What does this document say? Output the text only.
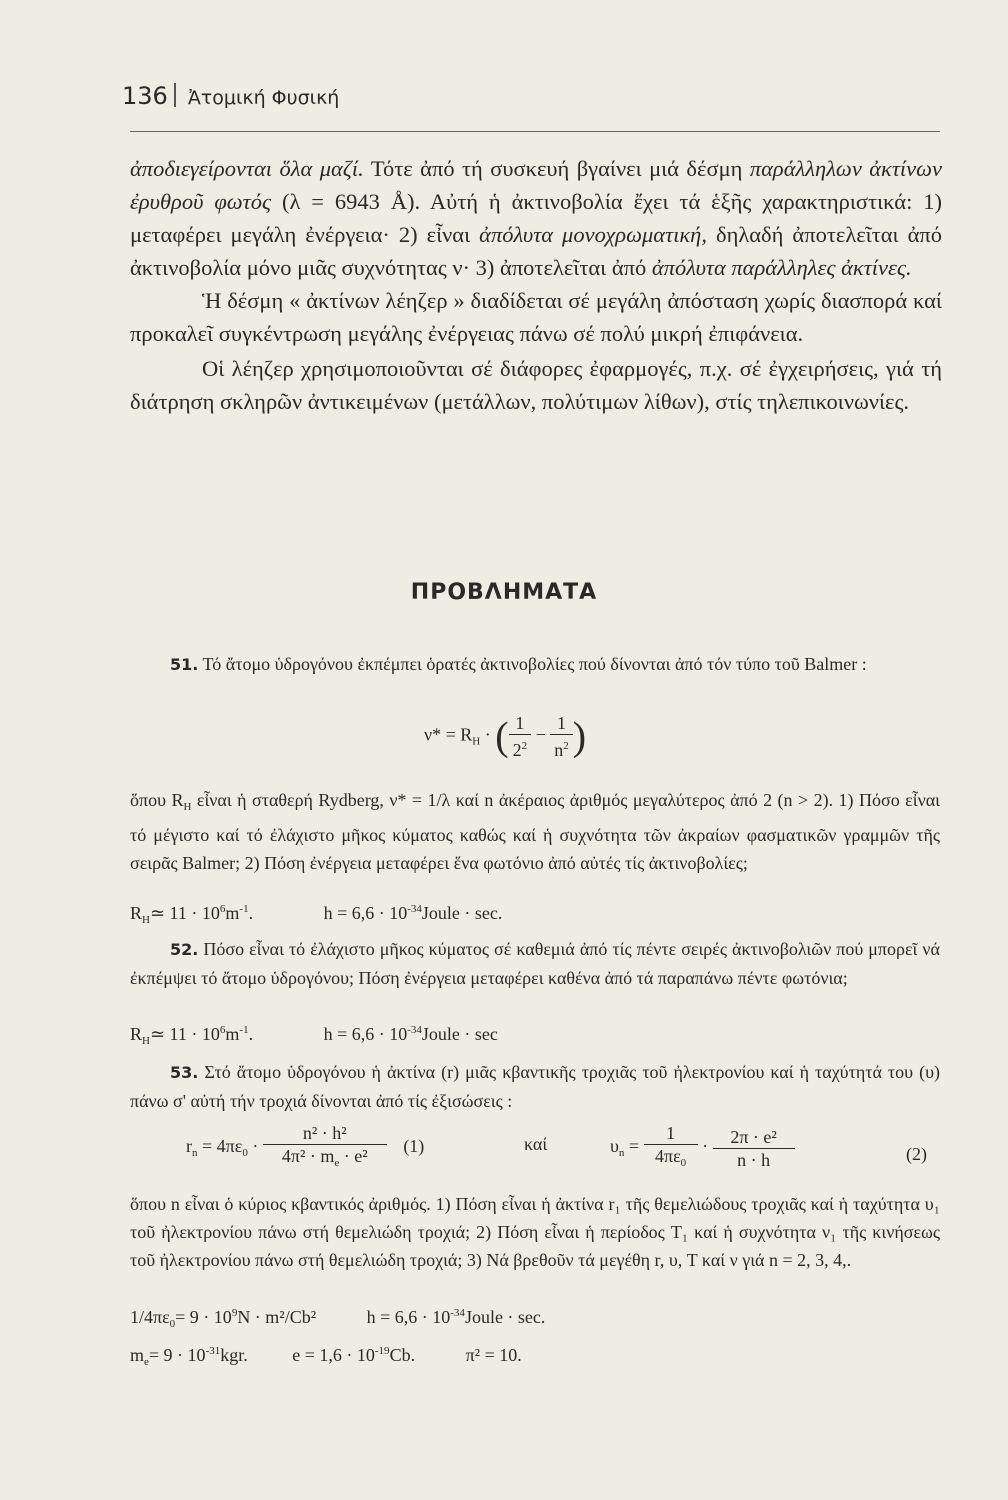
136 Ἀτομική Φυσική

ἀποδιεγείρονται ὅλα μαζί. Τότε ἀπό τή συσκευή βγαίνει μιά δέσμη παράλληλων ἀκτίνων ἐρυθροῦ φωτός (λ = 6943 Å). Αὐτή ἡ ἀκτινοβολία ἔχει τά ἑξῆς χαρακτηριστικά: 1) μεταφέρει μεγάλη ἐνέργεια· 2) εἶναι ἀπόλυτα μονοχρωματική, δηλαδή ἀποτελεῖται ἀπό ἀκτινοβολία μόνο μιᾶς συχνότητας ν· 3) ἀποτελεῖται ἀπό ἀπόλυτα παράλληλες ἀκτίνες.

Ἡ δέσμη « ἀκτίνων λέηζερ » διαδίδεται σέ μεγάλη ἀπόσταση χωρίς διασπορά καί προκαλεῖ συγκέντρωση μεγάλης ἐνέργειας πάνω σέ πολύ μικρή ἐπιφάνεια.

Οἱ λέηζερ χρησιμοποιοῦνται σέ διάφορες ἐφαρμογές, π.χ. σέ ἐγχειρήσεις, γιά τή διάτρηση σκληρῶν ἀντικειμένων (μετάλλων, πολύτιμων λίθων), στίς τηλεπικοινωνίες.

ΠΡΟΒΛΗΜΑΤΑ

51. Τό ἄτομο ὑδρογόνου ἐκπέμπει ὁρατές ἀκτινοβολίες πού δίνονται ἀπό τόν τύπο τοῦ Balmer :

$\nu* = R_H$ · ( $\frac{1}{2^2} - \frac{1}{n^2}$ )

ὅπου $R_H$ εἶναι ἡ σταθερή Rydberg, ν* = 1/λ καί n ἀκέραιος ἀριθμός μεγαλύτερος ἀπό 2 (n > 2). 1) Πόσο εἶναι τό μέγιστο καί τό ἐλάχιστο μῆκος κύματος καθώς καί ἡ συχνότητα τῶν ἀκραίων φασματικῶν γραμμῶν τῆς σειρᾶς Balmer; 2) Πόση ἐνέργεια μεταφέρει ἕνα φωτόνιο ἀπό αὐτές τίς ἀκτινοβολίες;

$R_H≃$ $11 \cdot 10^6m^{-1}$.	$h = 6,6 \cdot 10^{-34}Joule \cdot \sec$.

52. Πόσο εἶναι τό ἐλάχιστο μῆκος κύματος σέ καθεμιά ἀπό τίς πέντε σειρές ἀκτινοβολιῶν πού μπορεῖ νά ἐκπέμψει τό ἄτομο ὑδρογόνου; Πόση ἐνέργεια μεταφέρει καθένα ἀπό τά παραπάνω πέντε φωτόνια;

$R_H≃$ $11 \cdot 10^6m^{-1}$.	$h = 6,6 \cdot 10^{-34}Joule \cdot \sec$

53. Στό ἄτομο ὑδρογόνου ἡ ἀκτίνα (r) μιᾶς κβαντικῆς τροχιᾶς τοῦ ἠλεκτρονίου καί ἡ ταχύτητά του (υ) πάνω σ' αὐτή τήν τροχιά δίνονται ἀπό τίς ἐξισώσεις :

$r_n = 4\pi\varepsilon_0 \cdot \frac{\text{n² · h²}}{4\pi^2 \cdot m_e \cdot e^2} (1)$	καί	$\upsilon_n = \frac{1}{4\pi\varepsilon_0} \cdot \frac{\text{2π · e²}}{n \cdot h}$	(2)

ὅπου n εἶναι ὁ κύριος κβαντικός ἀριθμός. 1) Πόση εἶναι ἡ ἀκτίνα r₁ τῆς θεμελιώδους τροχιᾶς καί ἡ ταχύτητα υ₁ τοῦ ἠλεκτρονίου πάνω στή θεμελιώδη τροχιά; 2) Πόση εἶναι ἡ περίοδος T₁ καί ἡ συχνότητα ν₁ τῆς κινήσεως τοῦ ἠλεκτρονίου πάνω στή θεμελιώδη τροχιά; 3) Νά βρεθοῦν τά μεγέθη r, υ, T καί ν γιά n = 2, 3, 4,.

$1/4\pi\varepsilon_0= 9 \cdot 10^9N \cdot m^2/Cb^2$	$h = 6,6 \cdot 10^{-34}Joule \cdot \sec$.
$m_e= 9 \cdot 10^{-31}kgr$. $e = 1,6 \cdot 10^{-19}Cb$.	π² = 10.
